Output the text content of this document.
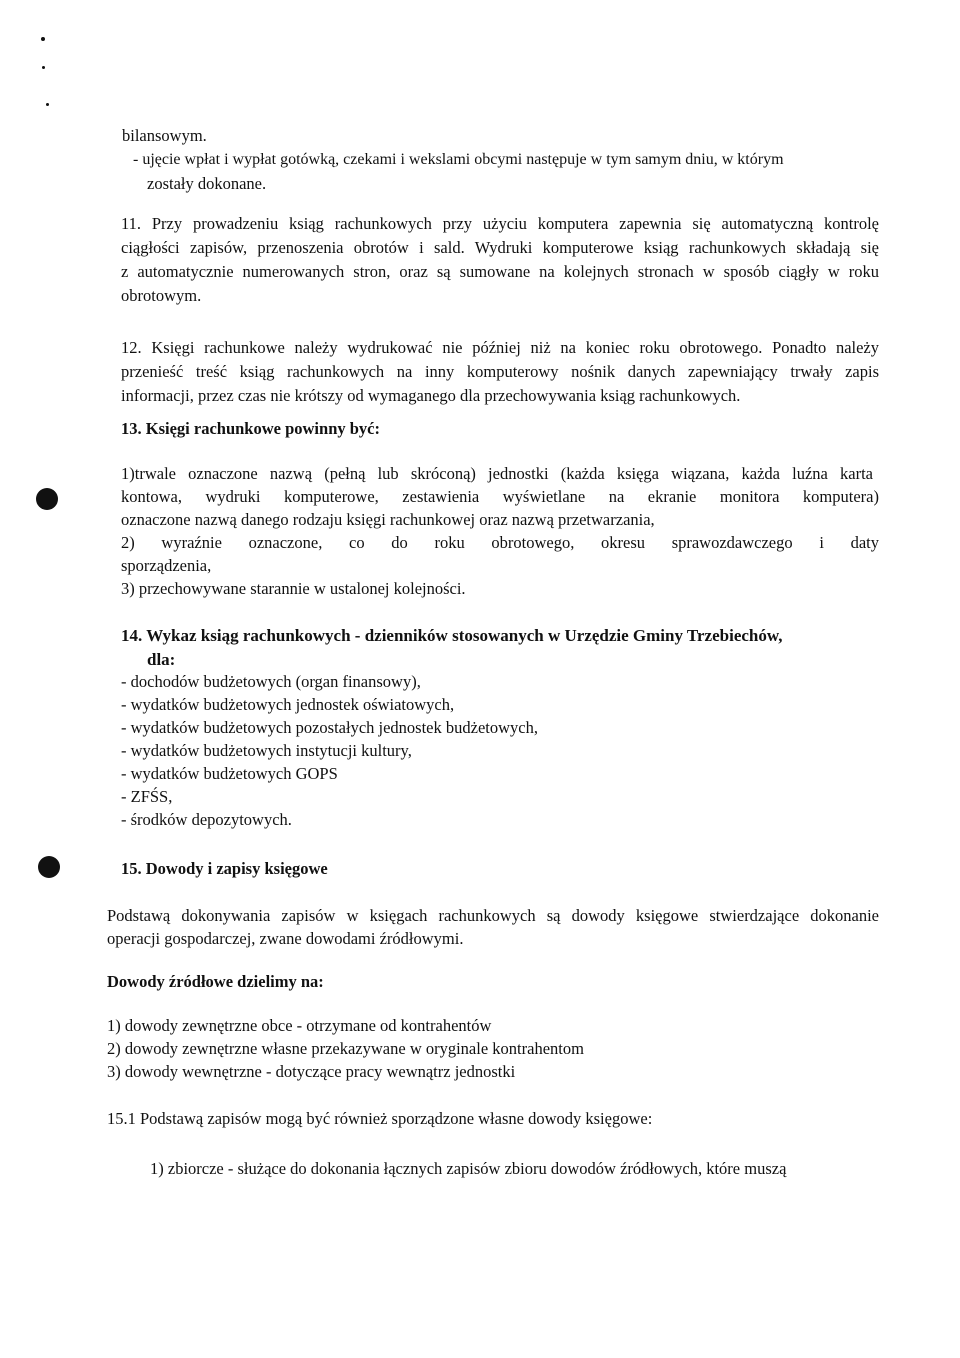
bilansowym.

- ujęcie wpłat i wypłat gotówką, czekami i wekslami obcymi następuje w tym samym dniu, w którym

zostały dokonane.

11. Przy prowadzeniu ksiąg rachunkowych przy użyciu komputera zapewnia się automatyczną kontrolę

ciągłości zapisów, przenoszenia obrotów i sald. Wydruki komputerowe ksiąg rachunkowych składają się

z automatycznie numerowanych stron, oraz są sumowane na kolejnych stronach w sposób ciągły w roku

obrotowym.

12. Księgi rachunkowe należy wydrukować nie później niż na koniec roku obrotowego. Ponadto należy

przenieść treść ksiąg rachunkowych na inny komputerowy nośnik danych zapewniający trwały zapis

informacji, przez czas nie krótszy od wymaganego dla przechowywania ksiąg rachunkowych.

13. Księgi rachunkowe powinny być:

1)trwale oznaczone nazwą (pełną lub skróconą) jednostki (każda księga wiązana, każda luźna karta

kontowa, wydruki komputerowe, zestawienia wyświetlane na ekranie monitora komputera)

oznaczone nazwą danego rodzaju księgi rachunkowej oraz nazwą przetwarzania,

2) wyraźnie oznaczone, co do roku obrotowego, okresu sprawozdawczego i daty

sporządzenia,

3) przechowywane starannie w ustalonej kolejności.

14. Wykaz ksiąg rachunkowych - dzienników stosowanych w Urzędzie Gminy Trzebiechów,

dla:

- dochodów budżetowych (organ finansowy),

- wydatków budżetowych jednostek oświatowych,

- wydatków budżetowych pozostałych jednostek budżetowych,

- wydatków budżetowych instytucji kultury,

- wydatków budżetowych GOPS

- ZFŚS,

- środków depozytowych.

15. Dowody i zapisy księgowe

Podstawą dokonywania zapisów w księgach rachunkowych są dowody księgowe stwierdzające dokonanie

operacji gospodarczej, zwane dowodami źródłowymi.

Dowody źródłowe dzielimy na:

1) dowody zewnętrzne obce - otrzymane od kontrahentów

2) dowody zewnętrzne własne przekazywane w oryginale kontrahentom

3) dowody wewnętrzne - dotyczące pracy wewnątrz jednostki

15.1 Podstawą zapisów mogą być również sporządzone własne dowody księgowe:

1) zbiorcze - służące do dokonania łącznych zapisów zbioru dowodów źródłowych, które muszą
